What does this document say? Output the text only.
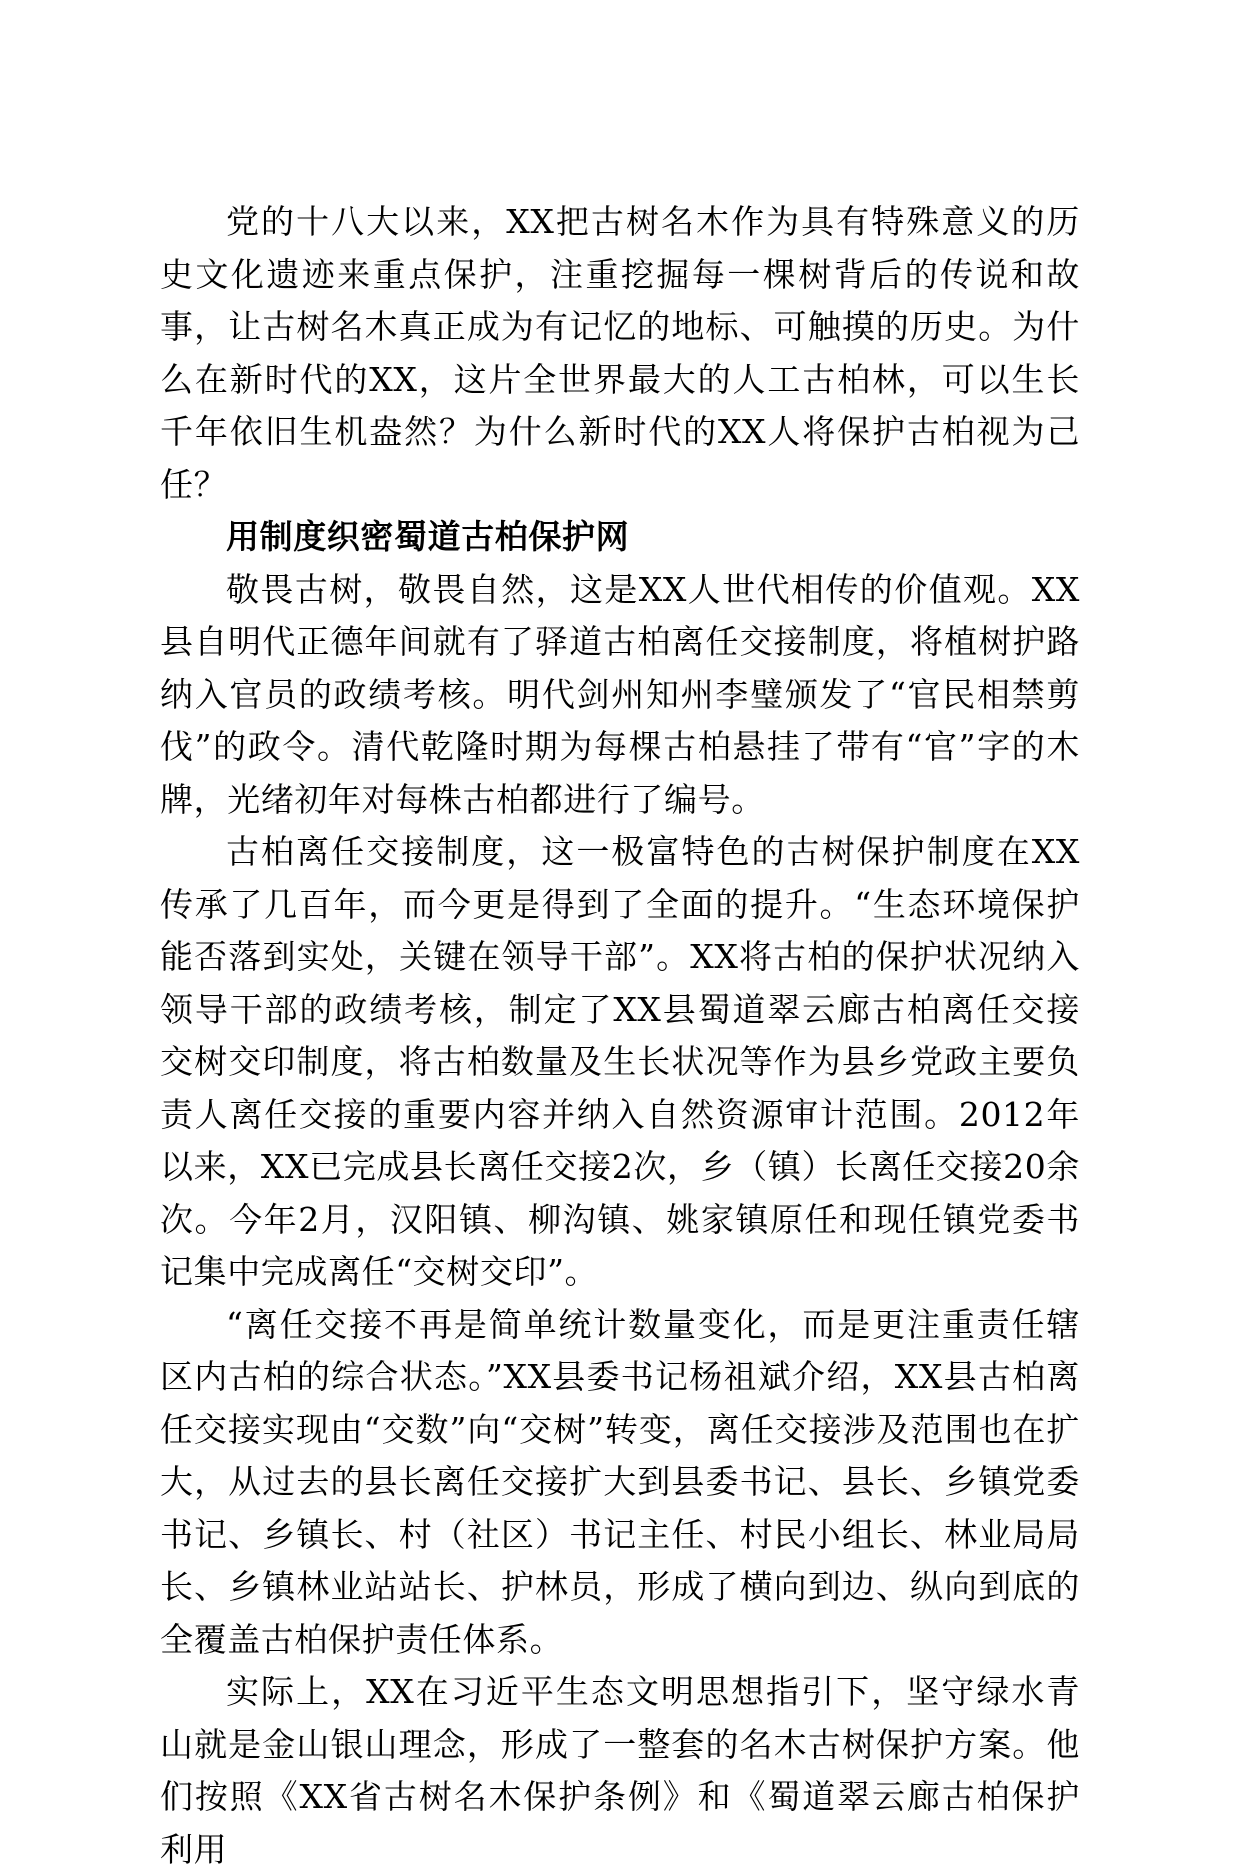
党的十八大以来，XX把古树名木作为具有特殊意义的历史文化遗迹来重点保护，注重挖掘每一棵树背后的传说和故事，让古树名木真正成为有记忆的地标、可触摸的历史。为什么在新时代的XX，这片全世界最大的人工古柏林，可以生长千年依旧生机盎然？为什么新时代的XX人将保护古柏视为己任？

用制度织密蜀道古柏保护网

敬畏古树，敬畏自然，这是XX人世代相传的价值观。XX县自明代正德年间就有了驿道古柏离任交接制度，将植树护路纳入官员的政绩考核。明代剑州知州李璧颁发了“官民相禁剪伐”的政令。清代乾隆时期为每棵古柏悬挂了带有“官”字的木牌，光绪初年对每株古柏都进行了编号。

古柏离任交接制度，这一极富特色的古树保护制度在XX传承了几百年，而今更是得到了全面的提升。“生态环境保护能否落到实处，关键在领导干部”。XX将古柏的保护状况纳入领导干部的政绩考核，制定了XX县蜀道翠云廊古柏离任交接交树交印制度，将古柏数量及生长状况等作为县乡党政主要负责人离任交接的重要内容并纳入自然资源审计范围。2012年以来，XX已完成县长离任交接2次，乡（镇）长离任交接20余次。今年2月，汉阳镇、柳沟镇、姚家镇原任和现任镇党委书记集中完成离任“交树交印”。

“离任交接不再是简单统计数量变化，而是更注重责任辖区内古柏的综合状态。”XX县委书记杨祖斌介绍，XX县古柏离任交接实现由“交数”向“交树”转变，离任交接涉及范围也在扩大，从过去的县长离任交接扩大到县委书记、县长、乡镇党委书记、乡镇长、村（社区）书记主任、村民小组长、林业局局长、乡镇林业站站长、护林员，形成了横向到边、纵向到底的全覆盖古柏保护责任体系。

实际上，XX在习近平生态文明思想指引下，坚守绿水青山就是金山银山理念，形成了一整套的名木古树保护方案。他们按照《XX省古树名木保护条例》和《蜀道翠云廊古柏保护利用
